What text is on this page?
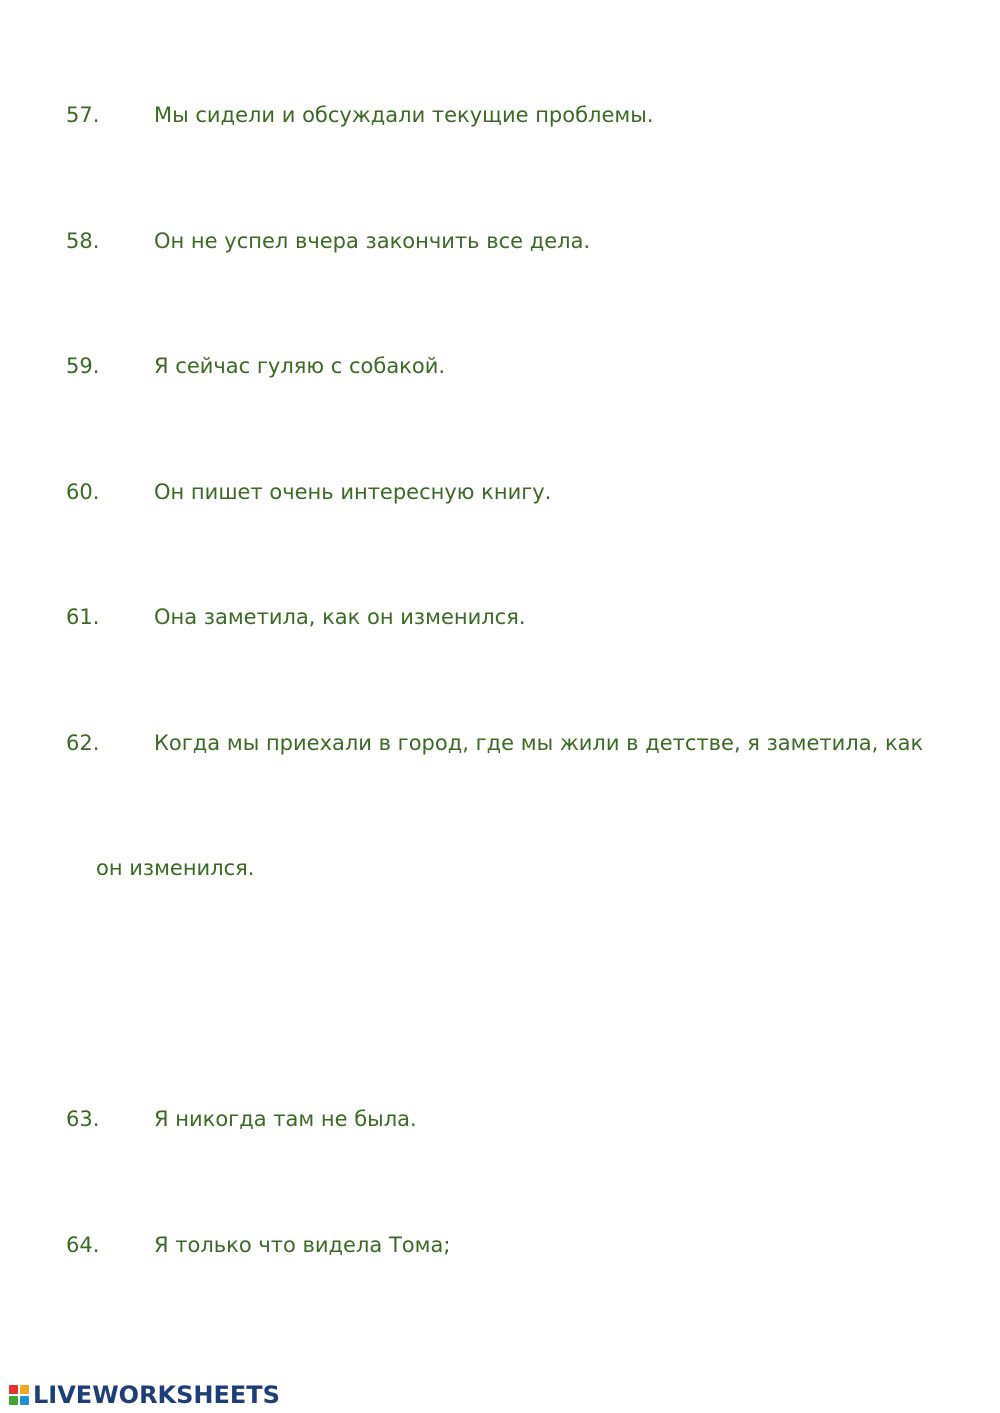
57.	Мы сидели и обсуждали текущие проблемы.
58.	Он не успел вчера закончить все дела.
59.	Я сейчас гуляю с собакой.
60.	Он пишет очень интересную книгу.
61.	Она заметила, как он изменился.
62.	Когда мы приехали в город, где мы жили в детстве, я заметила, как
он изменился.
63.	Я никогда там не была.
64.	Я только что видела Тома;
LIVEWORKSHEETS
